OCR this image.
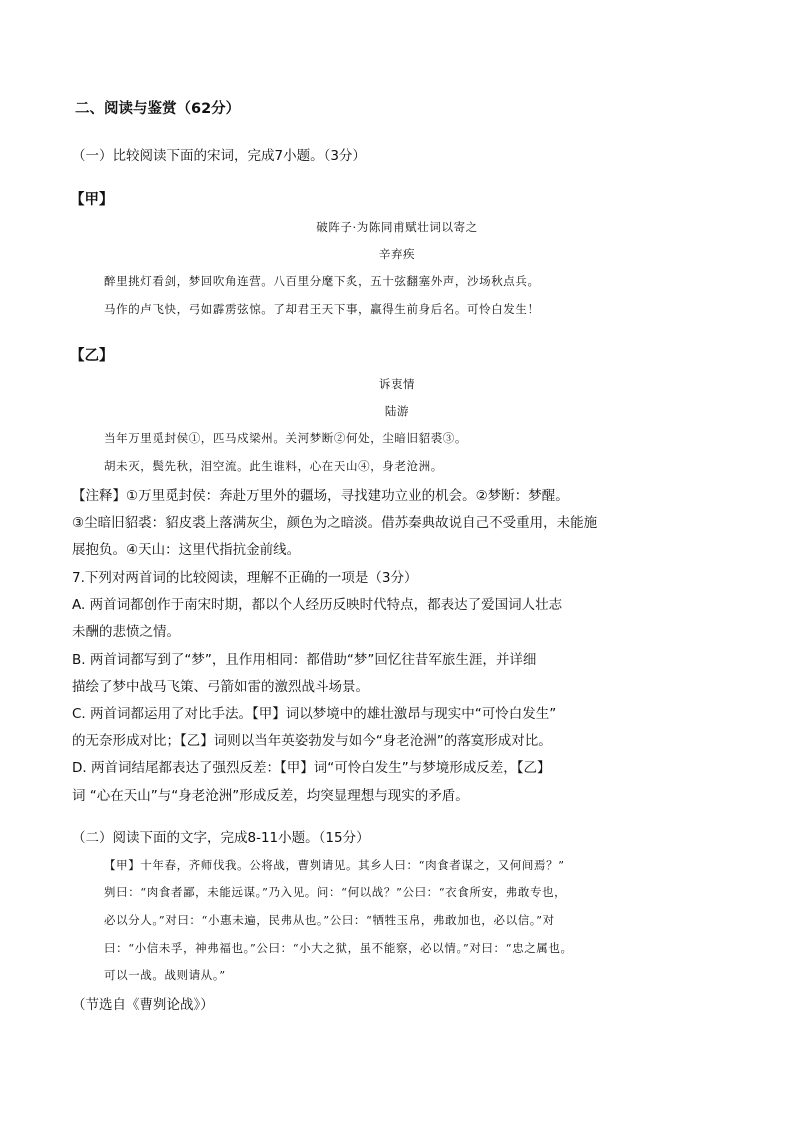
二、阅读与鉴赏（62分）

（一）比较阅读下面的宋词，完成7小题。（3分）

【甲】

破阵子·为陈同甫赋壮词以寄之

辛弃疾

醉里挑灯看剑，梦回吹角连营。八百里分麾下炙，五十弦翻塞外声，沙场秋点兵。

马作的卢飞快，弓如霹雳弦惊。了却君王天下事，赢得生前身后名。可怜白发生！

【乙】

诉衷情

陆游

当年万里觅封侯①，匹马戍梁州。关河梦断②何处，尘暗旧貂裘③。

胡未灭，鬓先秋，泪空流。此生谁料，心在天山④，身老沧洲。

【注释】①万里觅封侯：奔赴万里外的疆场，寻找建功立业的机会。②梦断：梦醒。

③尘暗旧貂裘：貂皮裘上落满灰尘，颜色为之暗淡。借苏秦典故说自己不受重用，未能施

展抱负。④天山：这里代指抗金前线。

7.下列对两首词的比较阅读，理解不正确的一项是（3分）

A. 两首词都创作于南宋时期，都以个人经历反映时代特点，都表达了爱国词人壮志

未酬的悲愤之情。

B. 两首词都写到了“梦”，且作用相同：都借助“梦”回忆往昔军旅生涯，并详细

描绘了梦中战马飞策、弓箭如雷的激烈战斗场景。

C. 两首词都运用了对比手法。【甲】词以梦境中的雄壮激昂与现实中“可怜白发生”

的无奈形成对比；【乙】词则以当年英姿勃发与如今“身老沧洲”的落寞形成对比。

D. 两首词结尾都表达了强烈反差：【甲】词“可怜白发生”与梦境形成反差，【乙】

词 “心在天山”与“身老沧洲”形成反差，均突显理想与现实的矛盾。

（二）阅读下面的文字，完成8-11小题。（15分）

【甲】十年春，齐师伐我。公将战，曹刿请见。其乡人曰：“肉食者谋之，又何间焉？”

刿曰：“肉食者鄙，未能远谋。”乃入见。问：“何以战？”公曰：“衣食所安，弗敢专也，

必以分人。”对曰：“小惠未遍，民弗从也。”公曰：“牺牲玉帛，弗敢加也，必以信。”对

曰：“小信未孚，神弗福也。”公曰：“小大之狱，虽不能察，必以情。”对曰：“忠之属也。

可以一战。战则请从。”

（节选自《曹刿论战》）
